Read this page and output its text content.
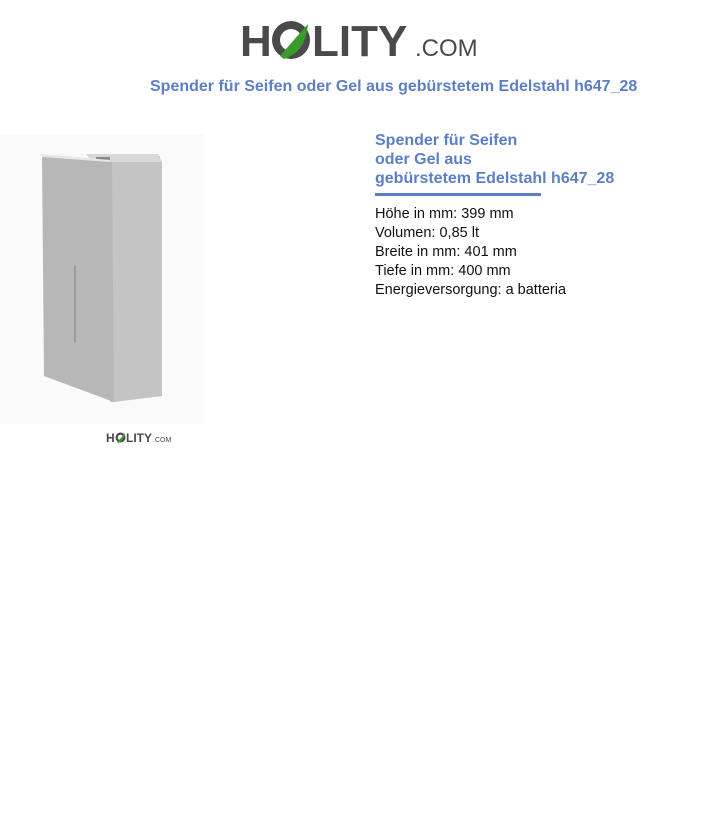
H LITY .COM
Spender für Seifen oder Gel aus gebürstetem Edelstahl h647_28
H LITY .COM
Spender für Seifen
oder Gel aus
gebürstetem Edelstahl h647_28
Höhe in mm: 399 mm
Volumen: 0,85 lt
Breite in mm: 401 mm
Tiefe in mm: 400 mm
Energieversorgung: a batteria
